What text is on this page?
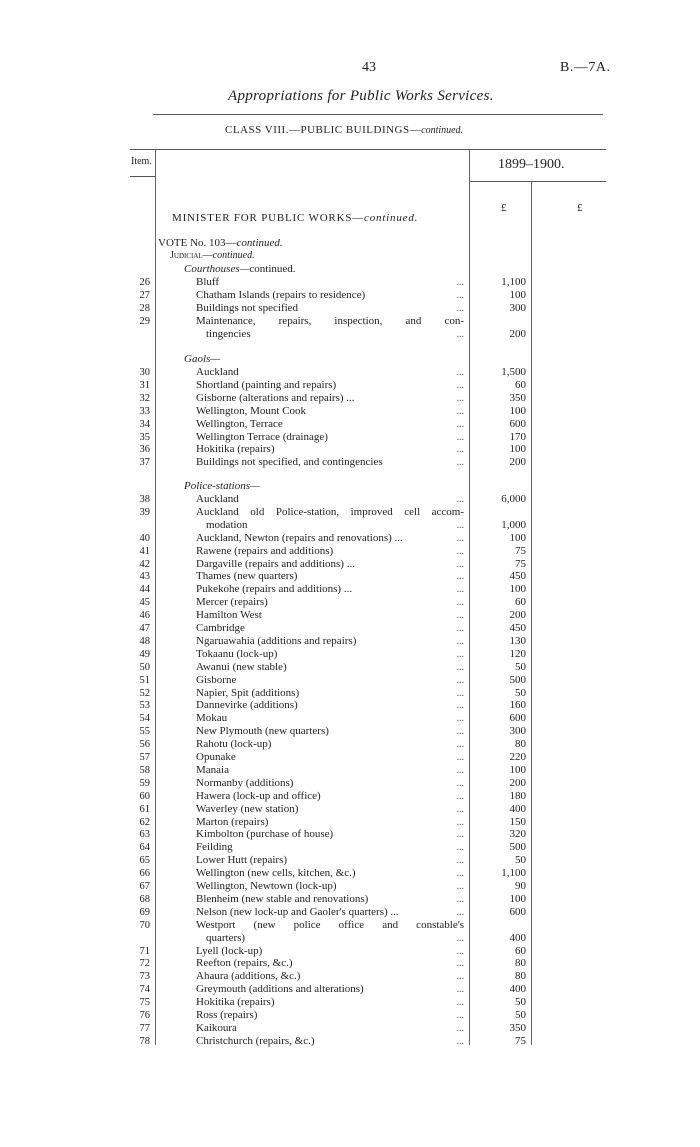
43	B.—7A.
Appropriations for Public Works Services.
CLASS VIII.—PUBLIC BUILDINGS—continued.
Item.	1899–1900.
£	£
MINISTER FOR PUBLIC WORKS—continued.
VOTE No. 103—continued.
Judicial—continued.
Courthouses—continued.
26	Bluff	...	1,100
27	Chatham Islands (repairs to residence)	...	100
28	Buildings not specified	...	300
29	Maintenance, repairs, inspection, and con-
tingencies	...	200
Gaols—
30	Auckland	...	1,500
31	Shortland (painting and repairs)	...	60
32	Gisborne (alterations and repairs) ...	...	350
33	Wellington, Mount Cook	...	100
34	Wellington, Terrace	...	600
35	Wellington Terrace (drainage)	...	170
36	Hokitika (repairs)	...	100
37	Buildings not specified, and contingencies	...	200
Police-stations—
38	Auckland	...	6,000
39	Auckland old Police-station, improved cell accom-
modation	...	1,000
40	Auckland, Newton (repairs and renovations) ...	...	100
41	Rawene (repairs and additions)	...	75
42	Dargaville (repairs and additions) ...	...	75
43	Thames (new quarters)	...	450
44	Pukekohe (repairs and additions) ...	...	100
45	Mercer (repairs)	...	60
46	Hamilton West	...	200
47	Cambridge	...	450
48	Ngaruawahia (additions and repairs)	...	130
49	Tokaanu (lock-up)	...	120
50	Awanui (new stable)	...	50
51	Gisborne	...	500
52	Napier, Spit (additions)	...	50
53	Dannevirke (additions)	...	160
54	Mokau	...	600
55	New Plymouth (new quarters)	...	300
56	Rahotu (lock-up)	...	80
57	Opunake	...	220
58	Manaia	...	100
59	Normanby (additions)	...	200
60	Hawera (lock-up and office)	...	180
61	Waverley (new station)	...	400
62	Marton (repairs)	...	150
63	Kimbolton (purchase of house)	...	320
64	Feilding	...	500
65	Lower Hutt (repairs)	...	50
66	Wellington (new cells, kitchen, &c.)	...	1,100
67	Wellington, Newtown (lock-up)	...	90
68	Blenheim (new stable and renovations)	...	100
69	Nelson (new lock-up and Gaoler's quarters) ...	...	600
70	Westport (new police office and constable's
quarters)	...	400
71	Lyell (lock-up)	...	60
72	Reefton (repairs, &c.)	...	80
73	Ahaura (additions, &c.)	...	80
74	Greymouth (additions and alterations)	...	400
75	Hokitika (repairs)	...	50
76	Ross (repairs)	...	50
77	Kaikoura	...	350
78	Christchurch (repairs, &c.)	...	75
